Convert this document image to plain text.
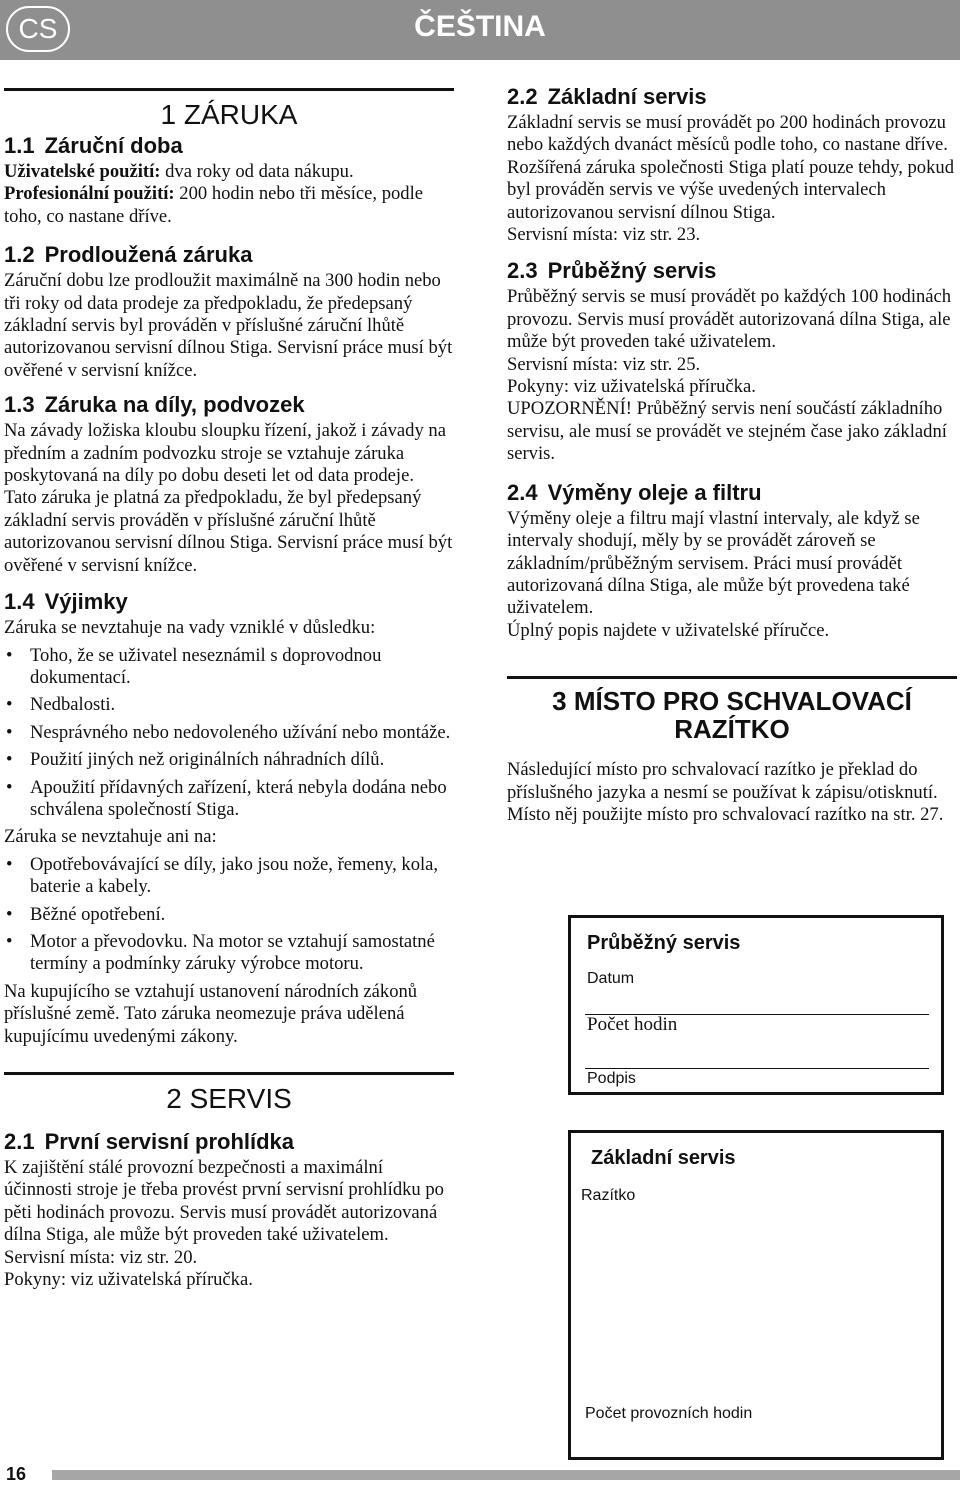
CS	ČEŠTINA
1 ZÁRUKA
1.1 Záruční doba

Uživatelské použití: dva roky od data nákupu.
Profesionální použití: 200 hodin nebo tři měsíce, podle toho, co nastane dříve.

1.2 Prodloužená záruka

Záruční dobu lze prodloužit maximálně na 300 hodin nebo tři roky od data prodeje za předpokladu, že předepsaný základní servis byl prováděn v příslušné záruční lhůtě autorizovanou servisní dílnou Stiga. Servisní práce musí být ověřené v servisní knížce.

1.3 Záruka na díly, podvozek

Na závady ložiska kloubu sloupku řízení, jakož i závady na předním a zadním podvozku stroje se vztahuje záruka poskytovaná na díly po dobu deseti let od data prodeje.

Tato záruka je platná za předpokladu, že byl předepsaný základní servis prováděn v příslušné záruční lhůtě autorizovanou servisní dílnou Stiga. Servisní práce musí být ověřené v servisní knížce.

1.4 Výjimky

Záruka se nevztahuje na vady vzniklé v důsledku:

• Toho, že se uživatel neseznámil s doprovodnou dokumentací.
• Nedbalosti.
• Nesprávného nebo nedovoleného užívání nebo montáže.
• Použití jiných než originálních náhradních dílů.
• Apoužití přídavných zařízení, která nebyla dodána nebo schválena společností Stiga.

Záruka se nevztahuje ani na:

• Opotřebovávající se díly, jako jsou nože, řemeny, kola, baterie a kabely.
• Běžné opotřebení.
• Motor a převodovku. Na motor se vztahují samostatné termíny a podmínky záruky výrobce motoru.

Na kupujícího se vztahují ustanovení národních zákonů příslušné země. Tato záruka neomezuje práva udělená kupujícímu uvedenými zákony.

2 SERVIS
2.1 První servisní prohlídka

K zajištění stálé provozní bezpečnosti a maximální účinnosti stroje je třeba provést první servisní prohlídku po pěti hodinách provozu. Servis musí provádět autorizovaná dílna Stiga, ale může být proveden také uživatelem.

Servisní místa: viz str. 20.

Pokyny: viz uživatelská příručka.

2.2 Základní servis

Základní servis se musí provádět po 200 hodinách provozu nebo každých dvanáct měsíců podle toho, co nastane dříve.

Rozšířená záruka společnosti Stiga platí pouze tehdy, pokud byl prováděn servis ve výše uvedených intervalech autorizovanou servisní dílnou Stiga.

Servisní místa: viz str. 23.

2.3 Průběžný servis

Průběžný servis se musí provádět po každých 100 hodinách provozu. Servis musí provádět autorizovaná dílna Stiga, ale může být proveden také uživatelem.

Servisní místa: viz str. 25.

Pokyny: viz uživatelská příručka.

UPOZORNĚNÍ! Průběžný servis není součástí základního servisu, ale musí se provádět ve stejném čase jako základní servis.

2.4 Výměny oleje a filtru

Výměny oleje a filtru mají vlastní intervaly, ale když se intervaly shodují, měly by se provádět zároveň se základním/průběžným servisem. Práci musí provádět autorizovaná dílna Stiga, ale může být provedena také uživatelem.

Úplný popis najdete v uživatelské příručce.

3 MÍSTO PRO SCHVALOVACÍ RAZÍTKO

Následující místo pro schvalovací razítko je překlad do příslušného jazyka a nesmí se používat k zápisu/otisknutí. Místo něj použijte místo pro schvalovací razítko na str. 27.

Průběžný servis
Datum
Počet hodin
Podpis
Základní servis
Razítko
Počet provozních hodin
16
